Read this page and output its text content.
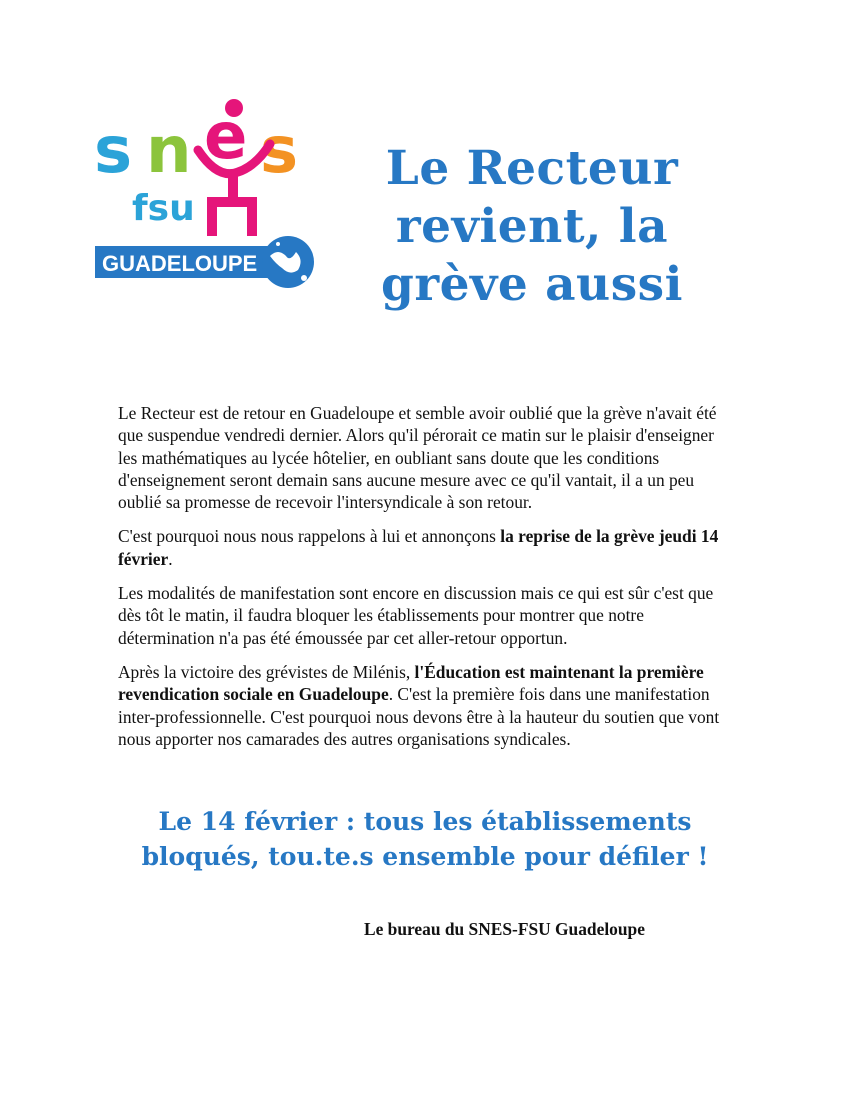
s n e s
fsu
GUADELOUPE
Le Recteur
revient, la
grève aussi

Le Recteur est de retour en Guadeloupe et semble avoir oublié que la grève n'avait été que suspendue vendredi dernier. Alors qu'il pérorait ce matin sur le plaisir d'enseigner les mathématiques au lycée hôtelier, en oubliant sans doute que les conditions d'enseignement seront demain sans aucune mesure avec ce qu'il vantait, il a un peu oublié sa promesse de recevoir l'intersyndicale à son retour.

C'est pourquoi nous nous rappelons à lui et annonçons la reprise de la grève jeudi 14 février.

Les modalités de manifestation sont encore en discussion mais ce qui est sûr c'est que dès tôt le matin, il faudra bloquer les établissements pour montrer que notre détermination n'a pas été émoussée par cet aller-retour opportun.

Après la victoire des grévistes de Milénis, l'Éducation est maintenant la première revendication sociale en Guadeloupe. C'est la première fois dans une manifestation inter-professionnelle. C'est pourquoi nous devons être à la hauteur du soutien que vont nous apporter nos camarades des autres organisations syndicales.

Le 14 février : tous les établissements
bloqués, tou.te.s ensemble pour défiler !

Le bureau du SNES-FSU Guadeloupe
